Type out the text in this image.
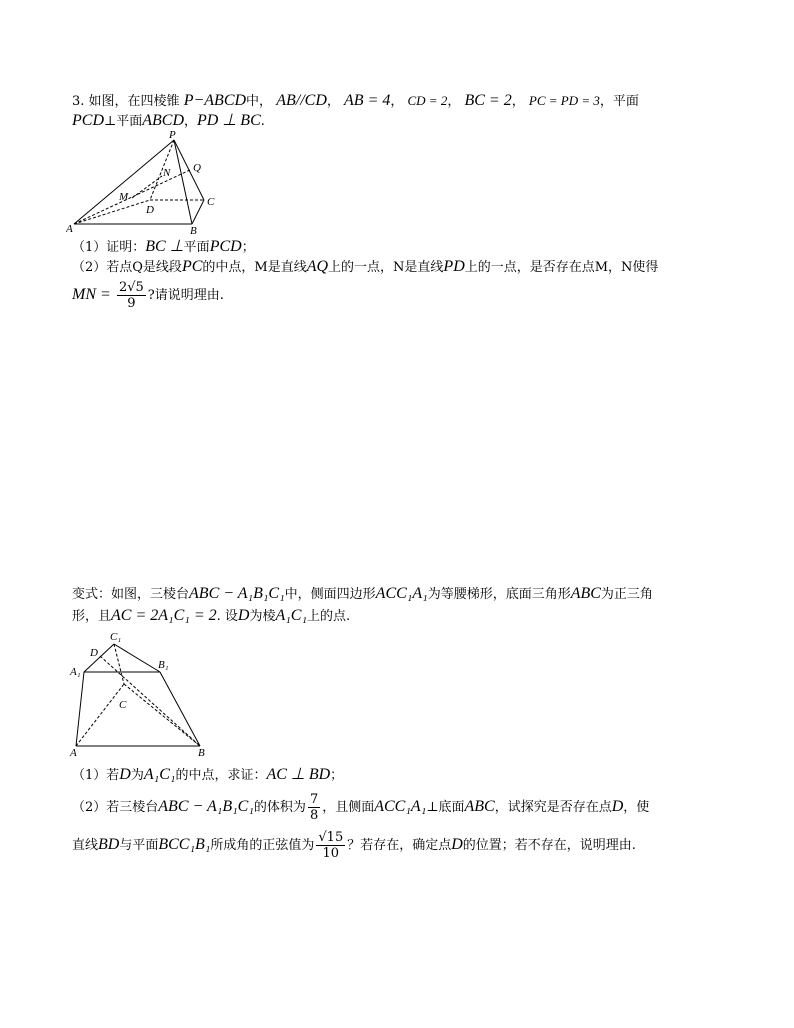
3. 如图，在四棱锥 P−ABCD中， AB//CD， AB = 4， CD = 2， BC = 2， PC = PD = 3，平面
PCD⊥平面ABCD，PD ⊥ BC.
P
Q
N
M
D
C
A	B
（1）证明：BC ⊥平面PCD；
（2）若点Q是线段PC的中点，M是直线AQ上的一点，N是直线PD上的一点，是否存在点M，N使得
MN = $\frac{2√5}{9}$ ?请说明理由.
变式：如图，三棱台ABC − A₁B₁C₁中，侧面四边形ACC₁A₁为等腰梯形，底面三角形ABC为正三角
形，且AC = 2A₁C₁ = 2. 设D为棱A₁C₁上的点.
C₁
D
A₁
B₁
C
A	B
（1）若D为A₁C₁的中点，求证：AC ⊥ BD；
（2）若三棱台ABC − A₁B₁C₁的体积为 $\frac{7}{8}$ ，且侧面ACC₁A₁⊥底面ABC，试探究是否存在点D，使
直线BD与平面BCC₁B₁所成角的正弦值为 $\frac{√15}{10}$ ？若存在，确定点D的位置；若不存在，说明理由.
